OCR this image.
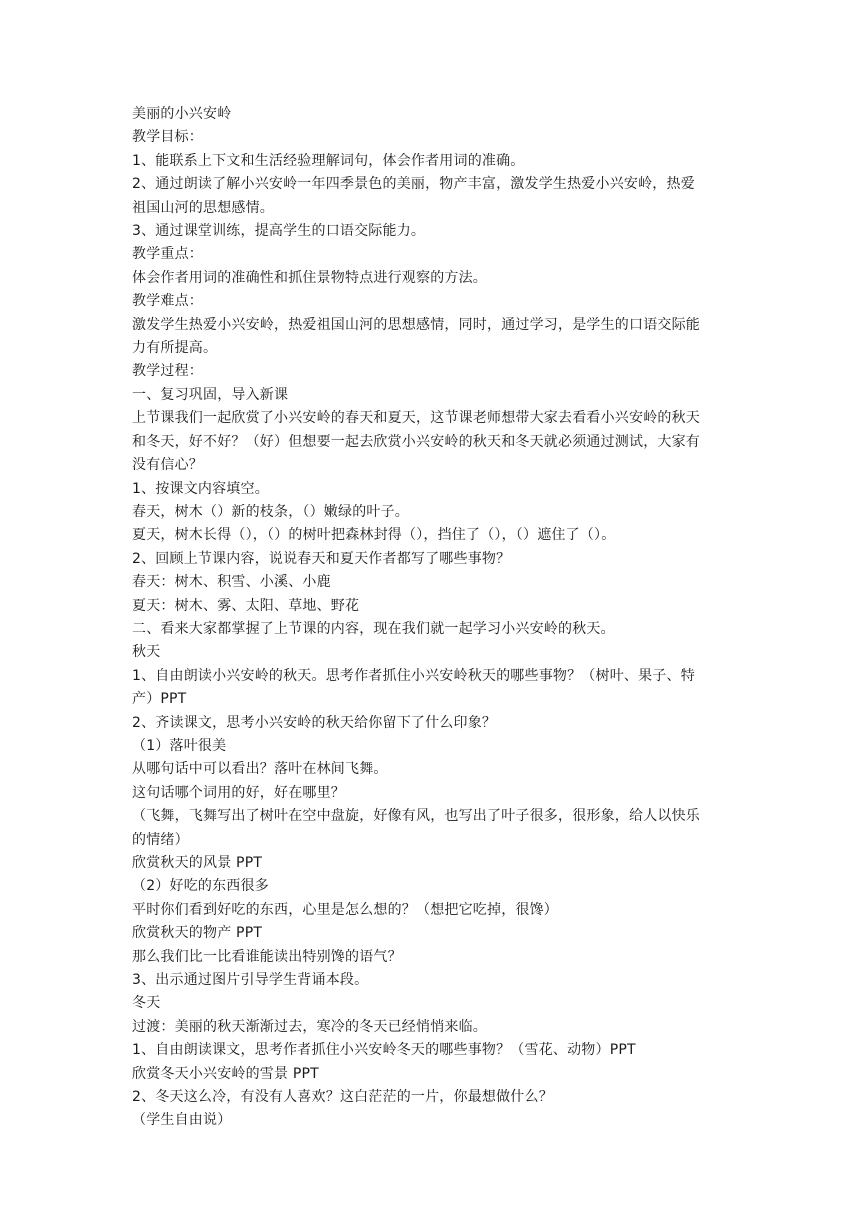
美丽的小兴安岭
教学目标：
1、能联系上下文和生活经验理解词句，体会作者用词的准确。
2、通过朗读了解小兴安岭一年四季景色的美丽，物产丰富，激发学生热爱小兴安岭，热爱
祖国山河的思想感情。
3、通过课堂训练，提高学生的口语交际能力。
教学重点：
体会作者用词的准确性和抓住景物特点进行观察的方法。
教学难点：
激发学生热爱小兴安岭，热爱祖国山河的思想感情，同时，通过学习，是学生的口语交际能
力有所提高。
教学过程：
一、复习巩固，导入新课
上节课我们一起欣赏了小兴安岭的春天和夏天，这节课老师想带大家去看看小兴安岭的秋天
和冬天，好不好？（好）但想要一起去欣赏小兴安岭的秋天和冬天就必须通过测试，大家有
没有信心？
1、按课文内容填空。
春天，树木（）新的枝条，（）嫩绿的叶子。
夏天，树木长得（），（）的树叶把森林封得（），挡住了（），（）遮住了（）。
2、回顾上节课内容，说说春天和夏天作者都写了哪些事物？
春天：树木、积雪、小溪、小鹿
夏天：树木、雾、太阳、草地、野花
二、看来大家都掌握了上节课的内容，现在我们就一起学习小兴安岭的秋天。
秋天
1、自由朗读小兴安岭的秋天。思考作者抓住小兴安岭秋天的哪些事物？（树叶、果子、特
产）PPT
2、齐读课文，思考小兴安岭的秋天给你留下了什么印象？
（1）落叶很美
从哪句话中可以看出？落叶在林间飞舞。
这句话哪个词用的好，好在哪里？
（飞舞，飞舞写出了树叶在空中盘旋，好像有风，也写出了叶子很多，很形象，给人以快乐
的情绪）
欣赏秋天的风景 PPT
（2）好吃的东西很多
平时你们看到好吃的东西，心里是怎么想的？（想把它吃掉，很馋）
欣赏秋天的物产 PPT
那么我们比一比看谁能读出特别馋的语气？
3、出示通过图片引导学生背诵本段。
冬天
过渡：美丽的秋天渐渐过去，寒冷的冬天已经悄悄来临。
1、自由朗读课文，思考作者抓住小兴安岭冬天的哪些事物？（雪花、动物）PPT
欣赏冬天小兴安岭的雪景 PPT
2、冬天这么冷，有没有人喜欢？这白茫茫的一片，你最想做什么？
（学生自由说）
